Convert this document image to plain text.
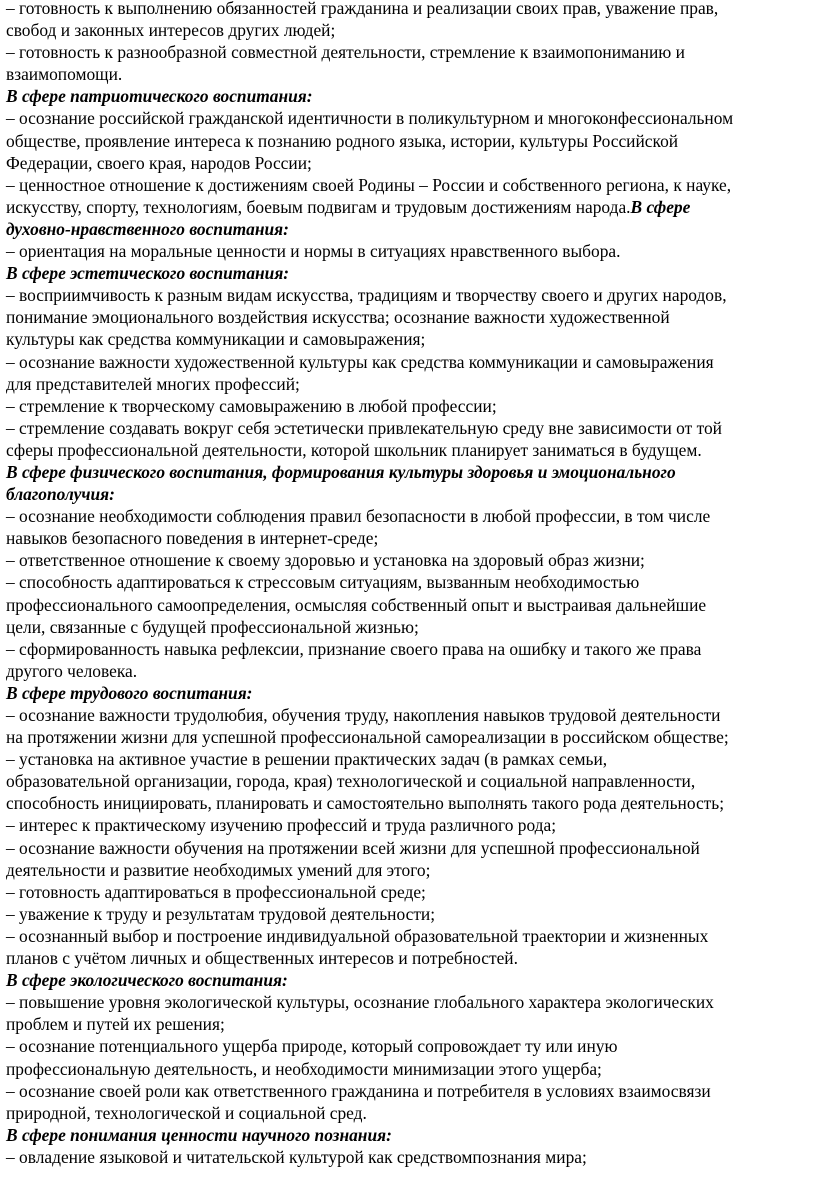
– готовность к выполнению обязанностей гражданина и реализации своих прав, уважение прав,
свобод и законных интересов других людей;
– готовность к разнообразной совместной деятельности, стремление к взаимопониманию и
взаимопомощи.
В сфере патриотического воспитания:
– осознание российской гражданской идентичности в поликультурном и многоконфессиональном
обществе, проявление интереса к познанию родного языка, истории, культуры Российской
Федерации, своего края, народов России;
– ценностное отношение к достижениям своей Родины – России и собственного региона, к науке,
искусству, спорту, технологиям, боевым подвигам и трудовым достижениям народа.В сфере
духовно-нравственного воспитания:
– ориентация на моральные ценности и нормы в ситуациях нравственного выбора.
В сфере эстетического воспитания:
– восприимчивость к разным видам искусства, традициям и творчеству своего и других народов,
понимание эмоционального воздействия искусства; осознание важности художественной
культуры как средства коммуникации и самовыражения;
– осознание важности художественной культуры как средства коммуникации и самовыражения
для представителей многих профессий;
– стремление к творческому самовыражению в любой профессии;
– стремление создавать вокруг себя эстетически привлекательную среду вне зависимости от той
сферы профессиональной деятельности, которой школьник планирует заниматься в будущем.
В сфере физического воспитания, формирования культуры здоровья и эмоционального
благополучия:
– осознание необходимости соблюдения правил безопасности в любой профессии, в том числе
навыков безопасного поведения в интернет-среде;
– ответственное отношение к своему здоровью и установка на здоровый образ жизни;
– способность адаптироваться к стрессовым ситуациям, вызванным необходимостью
профессионального самоопределения, осмысляя собственный опыт и выстраивая дальнейшие
цели, связанные с будущей профессиональной жизнью;
– сформированность навыка рефлексии, признание своего права на ошибку и такого же права
другого человека.
В сфере трудового воспитания:
– осознание важности трудолюбия, обучения труду, накопления навыков трудовой деятельности
на протяжении жизни для успешной профессиональной самореализации в российском обществе;
– установка на активное участие в решении практических задач (в рамках семьи,
образовательной организации, города, края) технологической и социальной направленности,
способность инициировать, планировать и самостоятельно выполнять такого рода деятельность;
– интерес к практическому изучению профессий и труда различного рода;
– осознание важности обучения на протяжении всей жизни для успешной профессиональной
деятельности и развитие необходимых умений для этого;
– готовность адаптироваться в профессиональной среде;
– уважение к труду и результатам трудовой деятельности;
– осознанный выбор и построение индивидуальной образовательной траектории и жизненных
планов с учётом личных и общественных интересов и потребностей.
В сфере экологического воспитания:
– повышение уровня экологической культуры, осознание глобального характера экологических
проблем и путей их решения;
– осознание потенциального ущерба природе, который сопровождает ту или иную
профессиональную деятельность, и необходимости минимизации этого ущерба;
– осознание своей роли как ответственного гражданина и потребителя в условиях взаимосвязи
природной, технологической и социальной сред.
В сфере понимания ценности научного познания:
– овладение языковой и читательской культурой как средствомпознания мира;
